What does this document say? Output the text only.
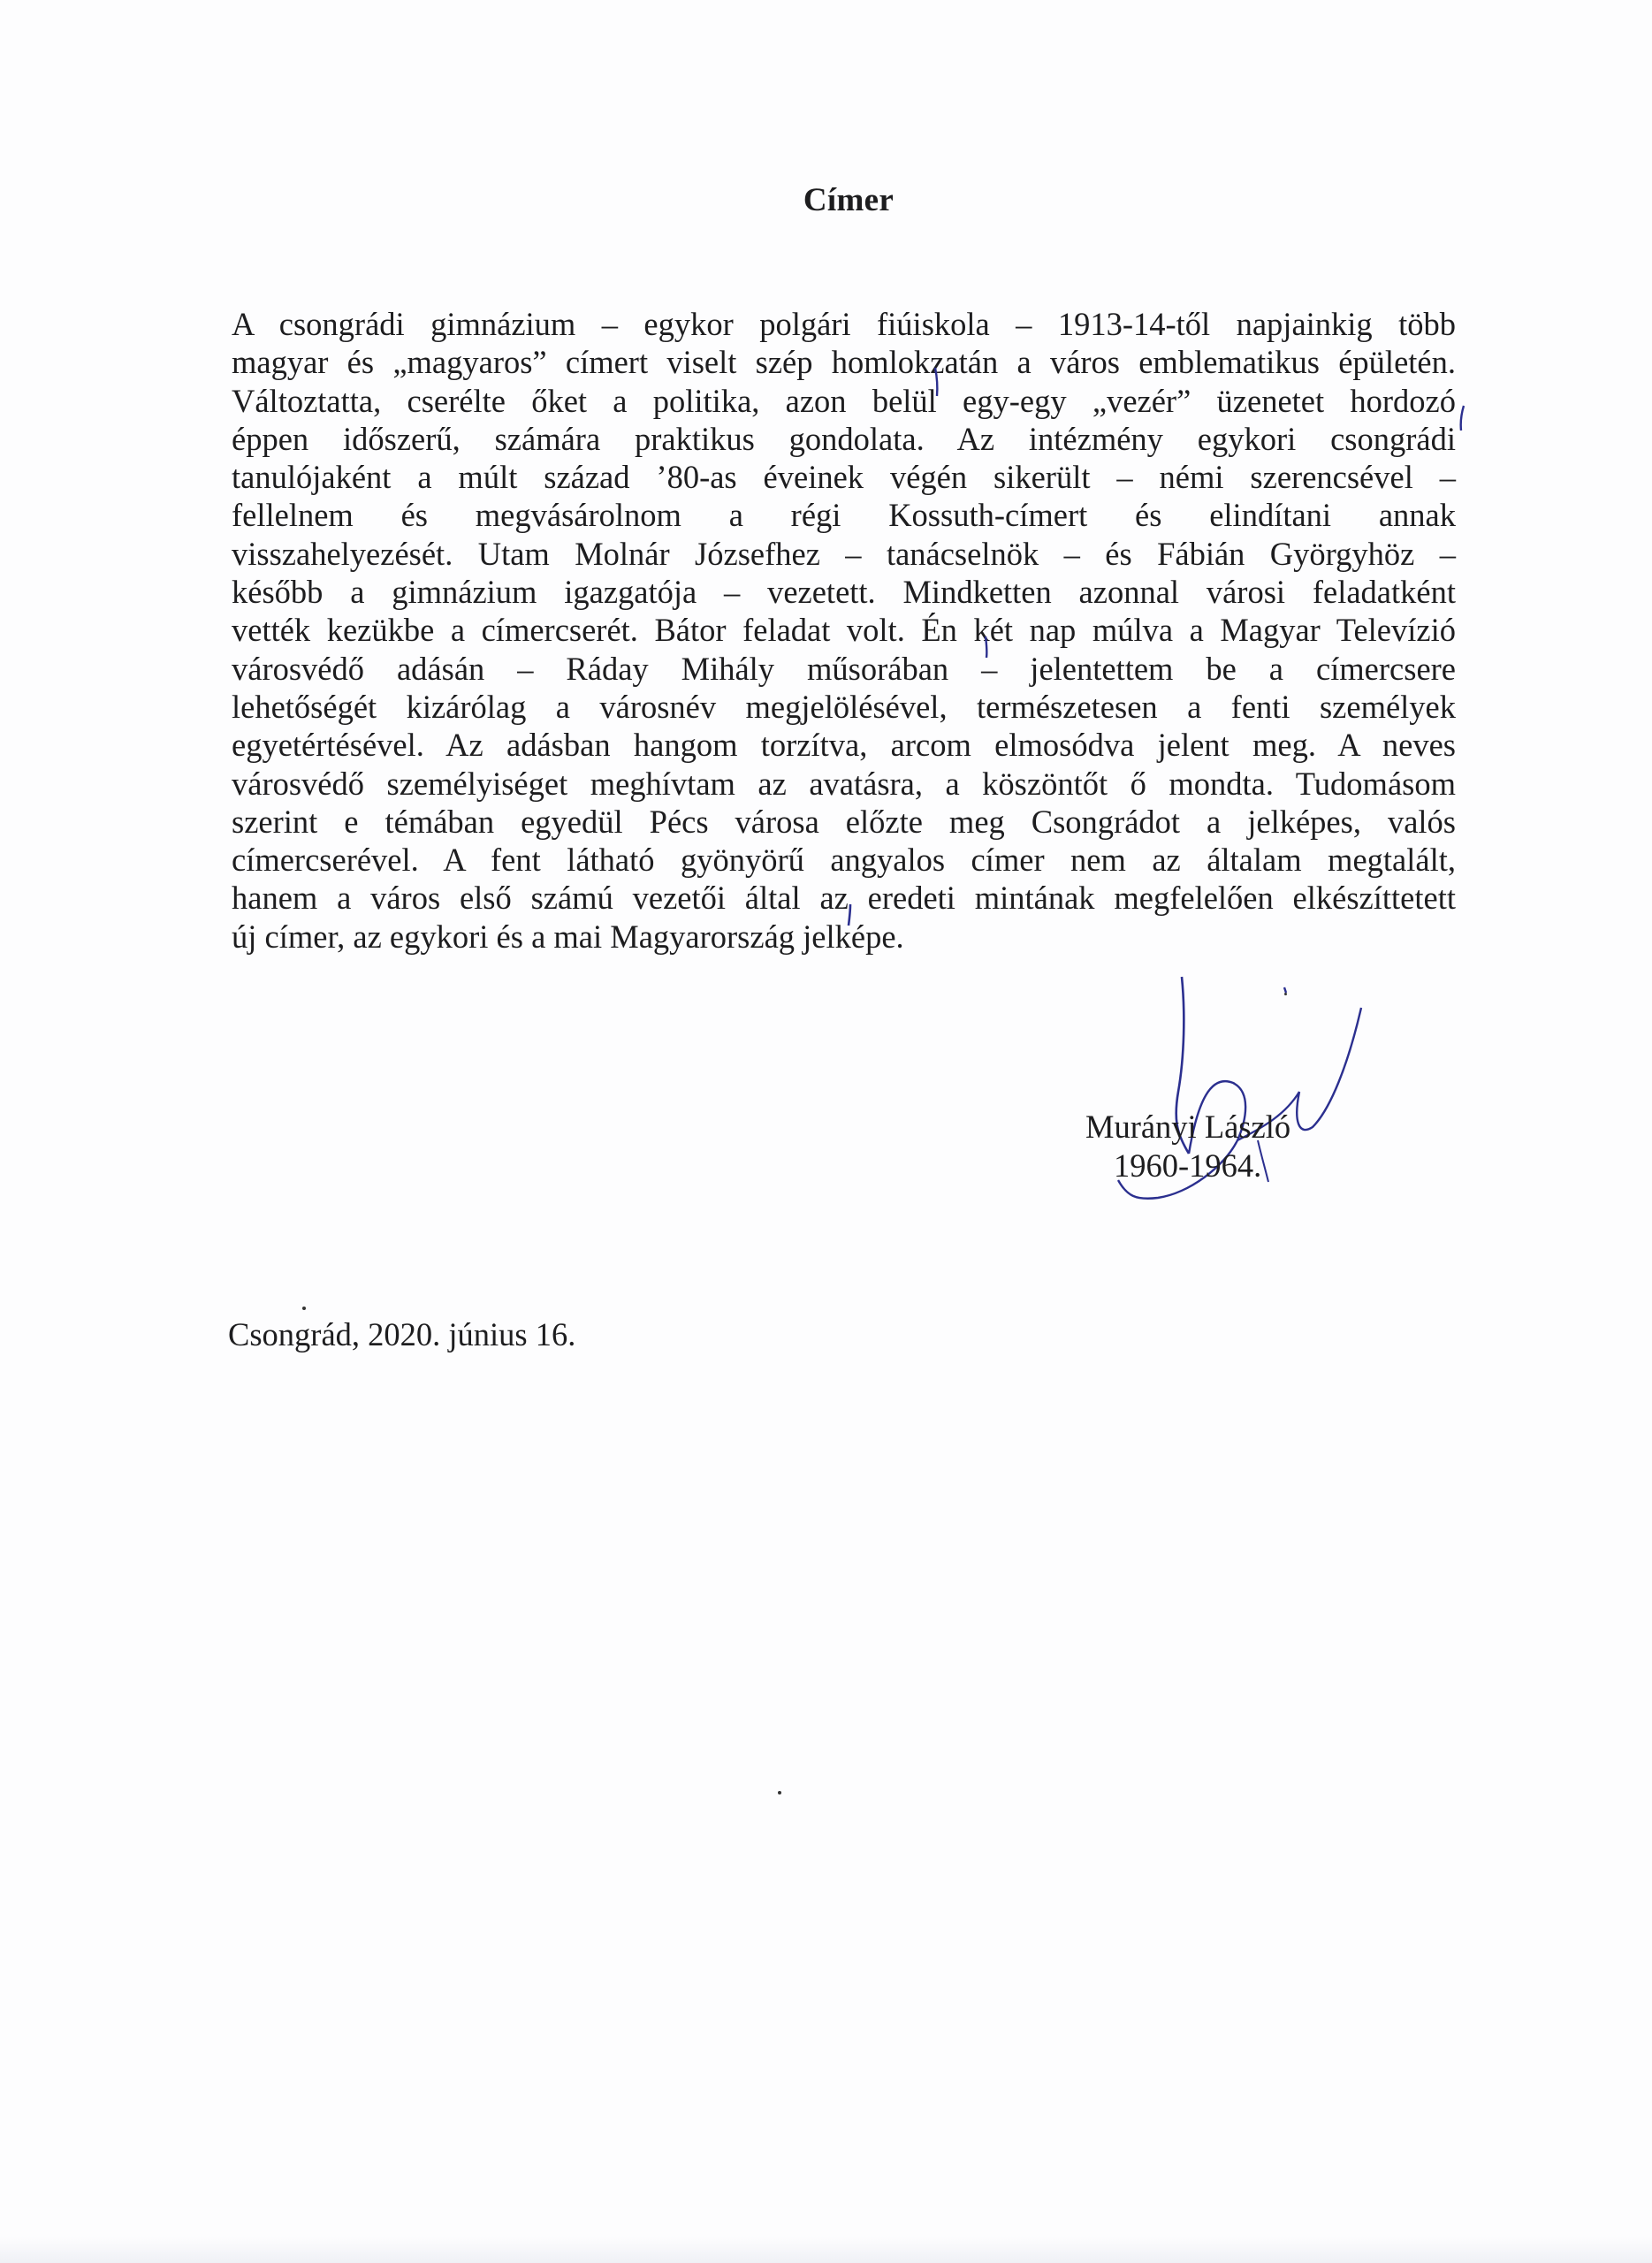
Címer
A csongrádi gimnázium – egykor polgári fiúiskola – 1913-14-től napjainkig több
magyar és „magyaros” címert viselt szép homlokzatán a város emblematikus épületén.
Változtatta, cserélte őket a politika, azon belül egy-egy „vezér” üzenetet hordozó
éppen időszerű, számára praktikus gondolata. Az intézmény egykori csongrádi
tanulójaként a múlt század ’80-as éveinek végén sikerült – némi szerencsével –
fellelnem és megvásárolnom a régi Kossuth-címert és elindítani annak
visszahelyezését. Utam Molnár Józsefhez – tanácselnök – és Fábián Györgyhöz –
később a gimnázium igazgatója – vezetett. Mindketten azonnal városi feladatként
vették kezükbe a címercserét. Bátor feladat volt. Én két nap múlva a Magyar Televízió
városvédő adásán – Ráday Mihály műsorában – jelentettem be a címercsere
lehetőségét kizárólag a városnév megjelölésével, természetesen a fenti személyek
egyetértésével. Az adásban hangom torzítva, arcom elmosódva jelent meg. A neves
városvédő személyiséget meghívtam az avatásra, a köszöntőt ő mondta. Tudomásom
szerint e témában egyedül Pécs városa előzte meg Csongrádot a jelképes, valós
címercserével. A fent látható gyönyörű angyalos címer nem az általam megtalált,
hanem a város első számú vezetői által az eredeti mintának megfelelően elkészíttetett
új címer, az egykori és a mai Magyarország jelképe.
Murányi László
1960-1964.
Csongrád, 2020. június 16.
